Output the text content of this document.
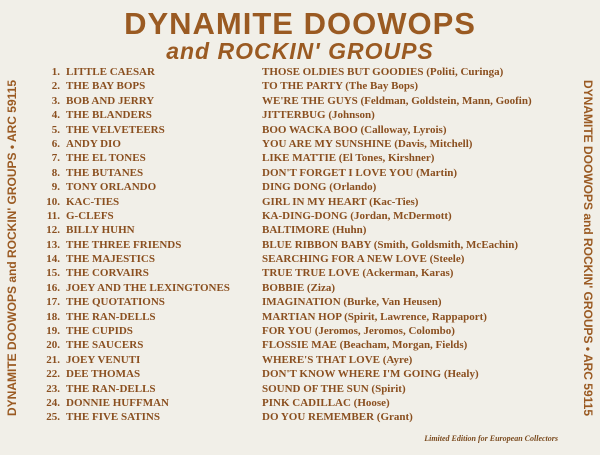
DYNAMITE DOOWOPS
and ROCKIN' GROUPS
DYNAMITE DOOWOPS and ROCKIN' GROUPS • ARC 59115	DYNAMITE DOOWOPS and ROCKIN' GROUPS • ARC 59115
1. LITTLE CAESAR	THOSE OLDIES BUT GOODIES (Politi, Curinga)
2. THE BAY BOPS	TO THE PARTY (The Bay Bops)
3. BOB AND JERRY	WE'RE THE GUYS (Feldman, Goldstein, Mann, Goofin)
4. THE BLANDERS	JITTERBUG (Johnson)
5. THE VELVETEERS	BOO WACKA BOO (Calloway, Lyrois)
6. ANDY DIO	YOU ARE MY SUNSHINE (Davis, Mitchell)
7. THE EL TONES	LIKE MATTIE (El Tones, Kirshner)
8. THE BUTANES	DON'T FORGET I LOVE YOU (Martin)
9. TONY ORLANDO	DING DONG (Orlando)
10. KAC-TIES	GIRL IN MY HEART (Kac-Ties)
11. G-CLEFS	KA-DING-DONG (Jordan, McDermott)
12. BILLY HUHN	BALTIMORE (Huhn)
13. THE THREE FRIENDS	BLUE RIBBON BABY (Smith, Goldsmith, McEachin)
14. THE MAJESTICS	SEARCHING FOR A NEW LOVE (Steele)
15. THE CORVAIRS	TRUE TRUE LOVE (Ackerman, Karas)
16. JOEY AND THE LEXINGTONES	BOBBIE (Ziza)
17. THE QUOTATIONS	IMAGINATION (Burke, Van Heusen)
18. THE RAN-DELLS	MARTIAN HOP (Spirit, Lawrence, Rappaport)
19. THE CUPIDS	FOR YOU (Jeromos, Jeromos, Colombo)
20. THE SAUCERS	FLOSSIE MAE (Beacham, Morgan, Fields)
21. JOEY VENUTI	WHERE'S THAT LOVE (Ayre)
22. DEE THOMAS	DON'T KNOW WHERE I'M GOING (Healy)
23. THE RAN-DELLS	SOUND OF THE SUN (Spirit)
24. DONNIE HUFFMAN	PINK CADILLAC (Hoose)
25. THE FIVE SATINS	DO YOU REMEMBER (Grant)
Limited Edition for European Collectors
